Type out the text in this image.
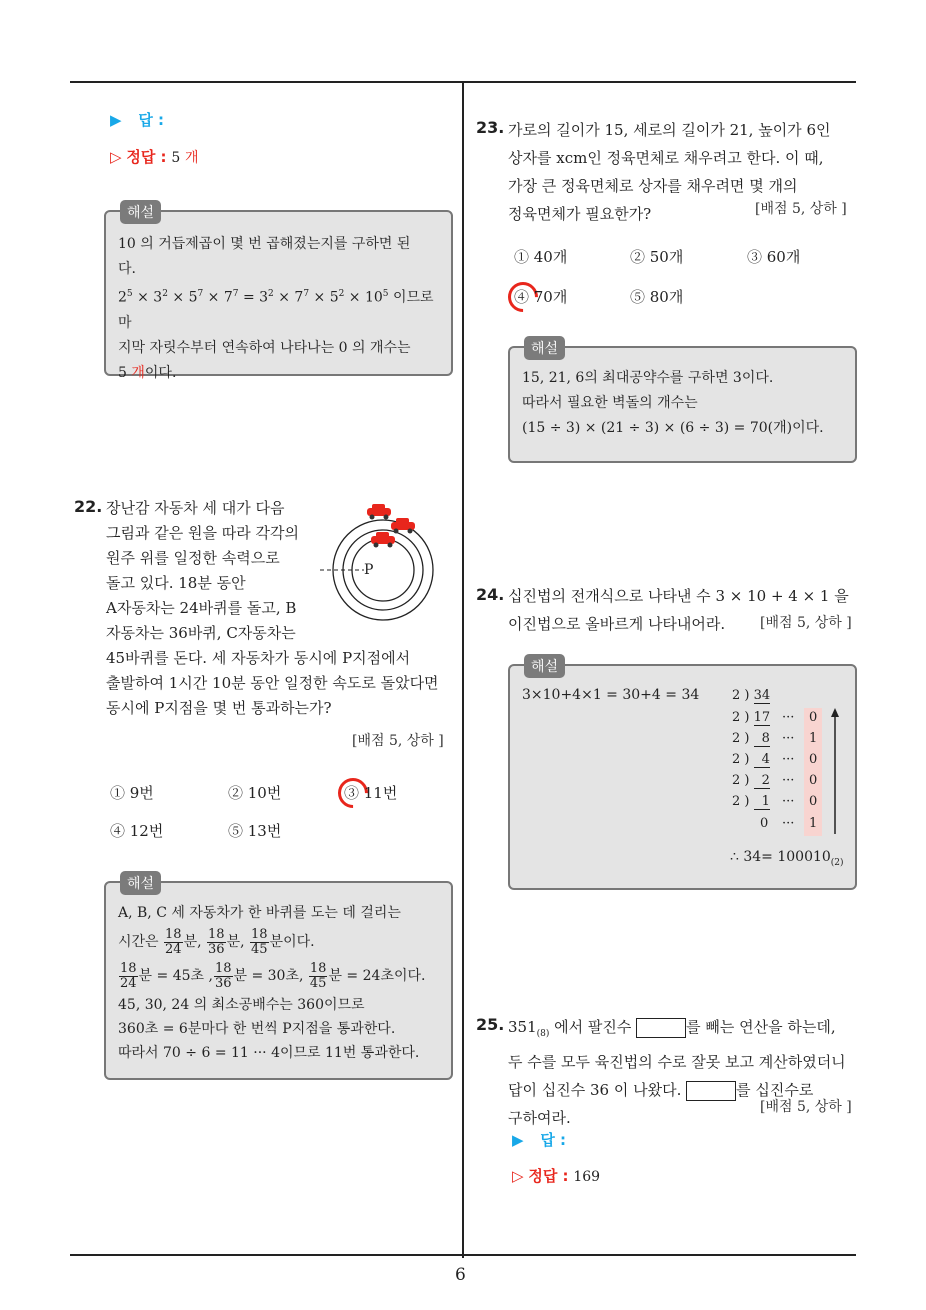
▶ 답 :
▷ 정답 : 5 개
해설
10 의 거듭제곱이 몇 번 곱해졌는지를 구하면 된
다.
$2^5 \times 3^2 \times 5^7 \times 7^7 = 3^2 \times 7^7 \times 5^2 \times 10^5$ 이므로 마
지막 자릿수부터 연속하여 나타나는 0 의 개수는
5 개이다.
22. 장난감 자동차 세 대가 다음
그림과 같은 원을 따라 각각의
원주 위를 일정한 속력으로
돌고 있다. 18분 동안
A자동차는 24바퀴를 돌고, B
자동차는 36바퀴, C자동차는
45바퀴를 돈다. 세 자동차가 동시에 P지점에서
출발하여 1시간 10분 동안 일정한 속도로 돌았다면
동시에 P지점을 몇 번 통과하는가?
P
[배점 5, 상하 ]
① 9번	② 10번	③ 11번
④ 12번	⑤ 13번
해설
A, B, C 세 자동차가 한 바퀴를 도는 데 걸리는
시간은 $\frac{18}{24}$ 분, $\frac{18}{36}$ 분, $\frac{18}{45}$ 분이다.
$\frac{18}{24}$ 분 = 45초 , $\frac{18}{36}$ 분 = 30초, $\frac{18}{45}$ 분 = 24초이다.
45, 30, 24 의 최소공배수는 360이므로
360초 = 6분마다 한 번씩 P지점을 통과한다.
따라서 70 ÷ 6 = 11 ··· 4이므로 11번 통과한다.
23. 가로의 길이가 15, 세로의 길이가 21, 높이가 6인
상자를 xcm인 정육면체로 채우려고 한다. 이 때,
가장 큰 정육면체로 상자를 채우려면 몇 개의
정육면체가 필요한가?	[배점 5, 상하 ]
① 40개	② 50개	③ 60개
④ 70개	⑤ 80개
해설
15, 21, 6의 최대공약수를 구하면 3이다.
따라서 필요한 벽돌의 개수는
(15 ÷ 3) × (21 ÷ 3) × (6 ÷ 3) = 70(개)이다.
24. 십진법의 전개식으로 나타낸 수 3 × 10 + 4 × 1 을
이진법으로 올바르게 나타내어라.	[배점 5, 상하 ]
해설
3×10+4×1 = 30+4 = 34	2 ) 34
2 ) 17 ··· 0
2 ) 8 ··· 1
2 ) 4 ··· 0
2 ) 2 ··· 0
2 ) 1 ··· 0
0 ··· 1
∴ $34= 100010_{(2)}$
25. $351_{(8)}$ 에서 팔진수	를 빼는 연산을 하는데,
두 수를 모두 육진법의 수로 잘못 보고 계산하였더니
답이 십진수 36 이 나왔다.	를 십진수로
구하여라.
[배점 5, 상하 ]
▶ 답 :
▷ 정답 : 169
6
